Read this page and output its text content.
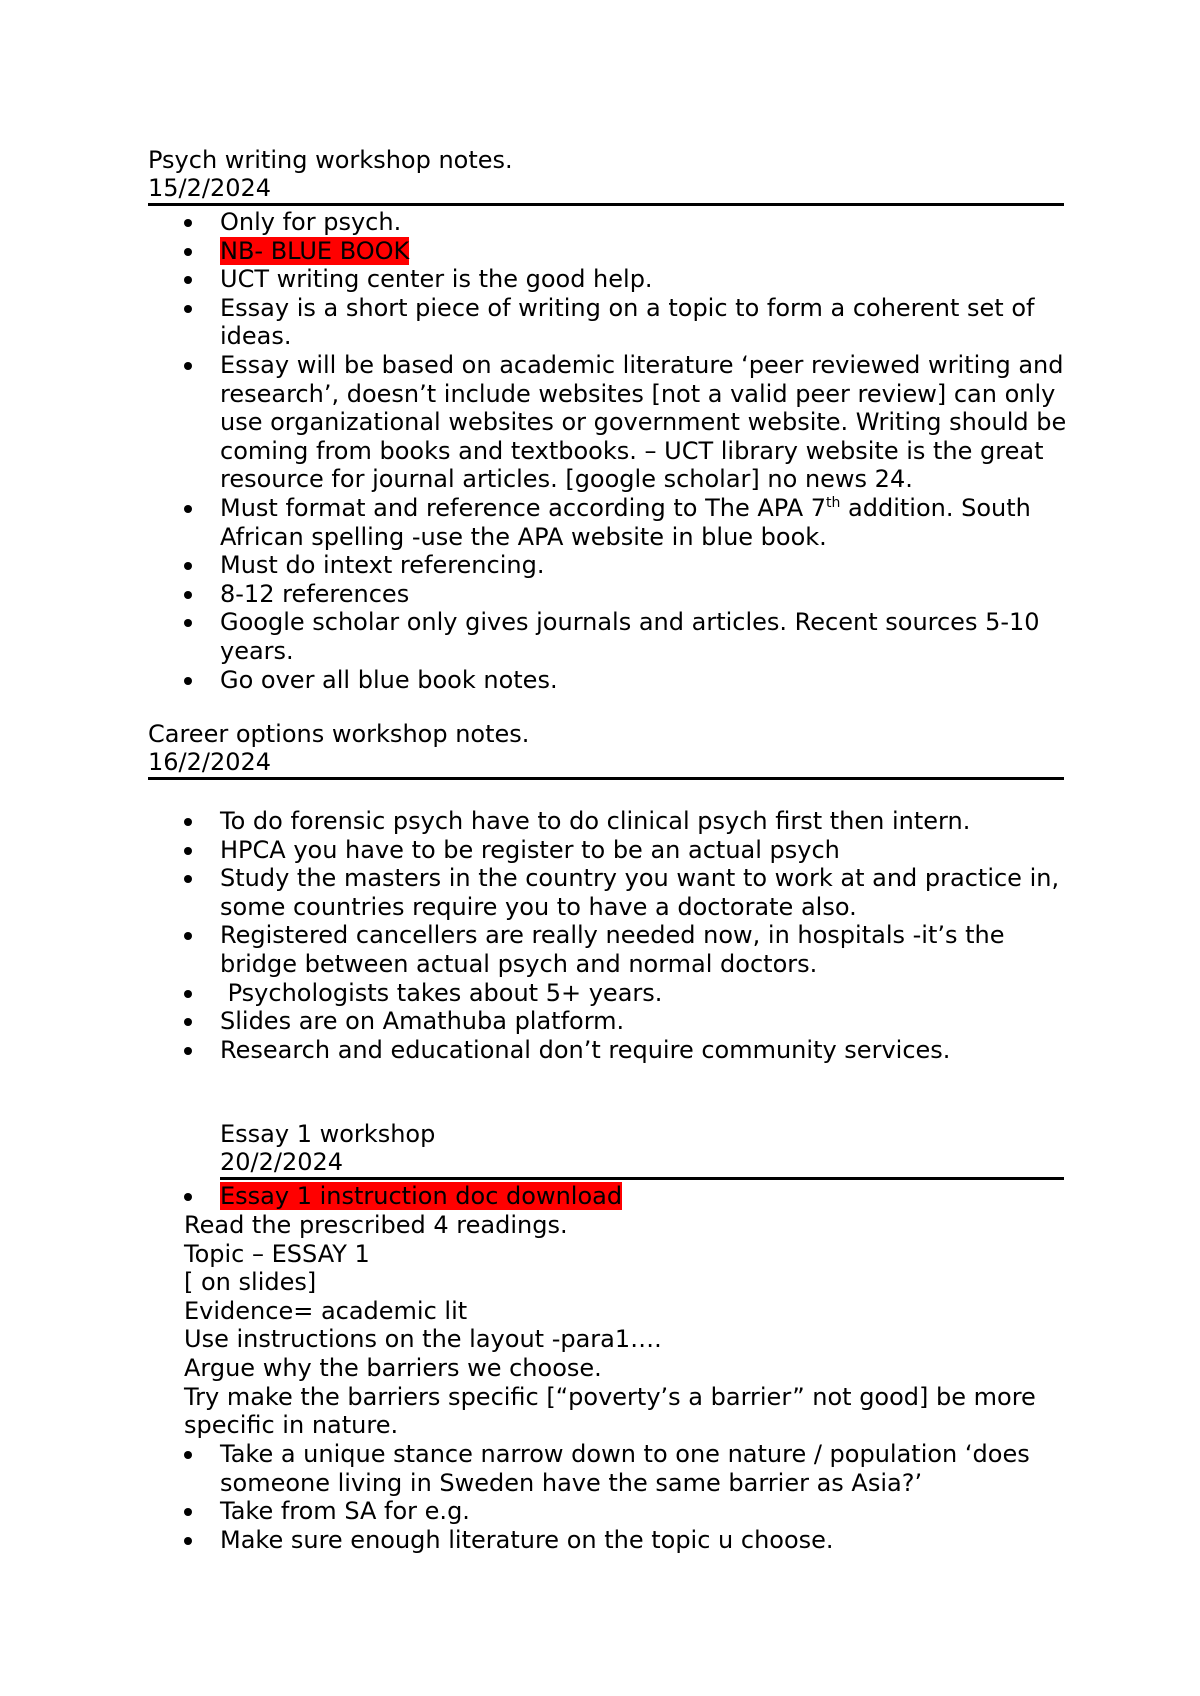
Psych writing workshop notes.
15/2/2024
Only for psych.
NB- BLUE BOOK
UCT writing center is the good help.
Essay is a short piece of writing on a topic to form a coherent set of ideas.
Essay will be based on academic literature ‘peer reviewed writing and research’, doesn’t include websites [not a valid peer review] can only use organizational websites or government website. Writing should be coming from books and textbooks. – UCT library website is the great resource for journal articles. [google scholar] no news 24.
Must format and reference according to The APA 7th addition. South African spelling -use the APA website in blue book.
Must do intext referencing.
8-12 references
Google scholar only gives journals and articles. Recent sources 5-10 years.
Go over all blue book notes.
Career options workshop notes.
16/2/2024
To do forensic psych have to do clinical psych first then intern.
HPCA you have to be register to be an actual psych
Study the masters in the country you want to work at and practice in, some countries require you to have a doctorate also.
Registered cancellers are really needed now, in hospitals -it’s the bridge between actual psych and normal doctors.
Psychologists takes about 5+ years.
Slides are on Amathuba platform.
Research and educational don’t require community services.
Essay 1 workshop
20/2/2024
Essay 1 instruction doc download
Read the prescribed 4 readings.
Topic – ESSAY 1
[ on slides]
Evidence= academic lit
Use instructions on the layout -para1….
Argue why the barriers we choose.
Try make the barriers specific [“poverty’s a barrier” not good] be more specific in nature.
Take a unique stance narrow down to one nature / population ‘does someone living in Sweden have the same barrier as Asia?’
Take from SA for e.g.
Make sure enough literature on the topic u choose.
